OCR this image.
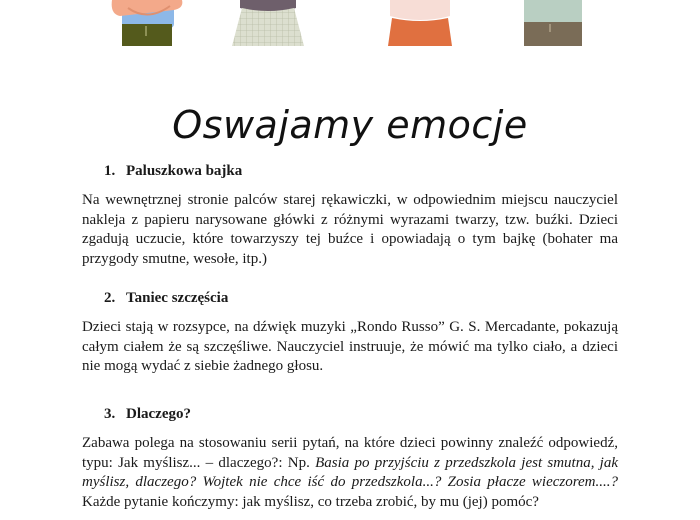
Oswajamy emocje
1. Paluszkowa bajka
Na wewnętrznej stronie palców starej rękawiczki, w odpowiednim miejscu nauczyciel nakleja z papieru narysowane główki z różnymi wyrazami twarzy, tzw. buźki. Dzieci zgadują uczucie, które towarzyszy tej buźce i opowiadają o tym bajkę (bohater ma przygody smutne, wesołe, itp.)
2. Taniec szczęścia
Dzieci stają w rozsypce, na dźwięk muzyki „Rondo Russo” G. S. Mercadante, pokazują całym ciałem że są szczęśliwe. Nauczyciel instruuje, że mówić ma tylko ciało, a dzieci nie mogą wydać z siebie żadnego głosu.
3. Dlaczego?
Zabawa polega na stosowaniu serii pytań, na które dzieci powinny znaleźć odpowiedź, typu: Jak myślisz... – dlaczego?: Np. Basia po przyjściu z przedszkola jest smutna, jak myślisz, dlaczego? Wojtek nie chce iść do przedszkola...? Zosia płacze wieczorem....? Każde pytanie kończymy: jak myślisz, co trzeba zrobić, by mu (jej) pomóc?
